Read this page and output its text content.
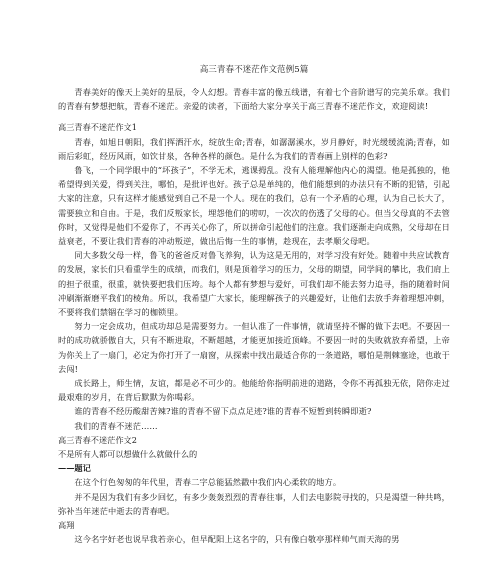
高三青春不迷茫作文范例5篇

青春美好的像天上美好的星辰，令人幻想。青春丰富的像五线谱，有着七个音阶谱写的完美乐章。我们的青春有梦想把航，青春不迷茫。亲爱的读者，下面给大家分享关于高三青春不迷茫作文，欢迎阅读!

高三青春不迷茫作文1

青春，如旭日朝阳，我们挥洒汗水，绽放生命;青春，如潺潺溪水，岁月静好，时光缓缓流淌;青春，如雨后彩虹，经历风雨，如饮甘泉，各种各样的颜色。是什么为我们的青春画上别样的色彩?

鲁飞，一个同学眼中的“坏孩子”，不学无术，逃课拇乱。没有人能理解他内心的渴望。他是孤独的，他希望得到关爱，得到关注，哪怕，是批评也好。孩子总是单纯的，他们能想到的办法只有不断的犯错，引起大家的注意，只有这样才能感觉到自己不是一个人。现在的我们，总有一个矛盾的心理，认为自己长大了，需要独立和自由。于是，我们反叛家长，埋怨他们的唠叨，一次次的伤透了父母的心。但当父母真的不去管你时，又觉得是他们不爱你了，不再关心你了，所以拼命引起他们的注意。我们逐渐走向成熟，父母却在日益衰老，不要让我们青春的冲动叛逆，做出后悔一生的事情，趁现在，去孝顺父母吧。

同大多数父母一样，鲁飞的爸爸反对鲁飞养狗，认为这是无用的，对学习没有好处。随着中共应试教育的发展，家长们只看重学生的成绩，而我们，则是顶着学习的压力，父母的期望，同学间的攀比，我们肩上的担子很重，很重，就快要把我们压垮。每个人都有梦想与爱好，可我们却不能去努力追寻，指的随着时间冲刷渐渐磨平我们的棱角。所以，我希望广大家长，能理解孩子的兴趣爱好，让他们去放手奔着理想冲刺，不要将我们禁锢在学习的枷锁里。

努力一定会成功，但成功却总是需要努力。一但认准了一件事情，就请坚持不懈的做下去吧。不要因一时的成功就骄傲自大，只有不断进取，不断超越，才能更加接近顶峰。不要因一时的失败就放弃希望，上帝为你关上了一扇门，必定为你打开了一扇窗，从探索中找出最适合你的一条道路，哪怕是荆棘塞途，也敢于去闯!

成长路上，师生情，友谊，都是必不可少的。他能给你指明前进的道路，令你不再孤独无依，陪你走过最艰难的岁月，在背后默默为你喝彩。

谁的青春不经历酸甜苦辣?谁的青春不留下点点足迹?谁的青春不短暂到转瞬即逝?

我们的青春不迷茫……

高三青春不迷茫作文2

不是所有人都可以想做什么就做什么的

——题记

在这个行色匆匆的年代里，青春二字总能猛然戳中我们内心柔软的地方。

并不是因为我们有多少回忆，有多少轰轰烈烈的青春往事，人们去电影院寻找的，只是渴望一种共鸣，弥补当年迷茫中逝去的青春吧。

高翔

这今名字好老也说早我若亲心，但早配阳上这名字的，只有像白敬亭那样帅气而天海的男
